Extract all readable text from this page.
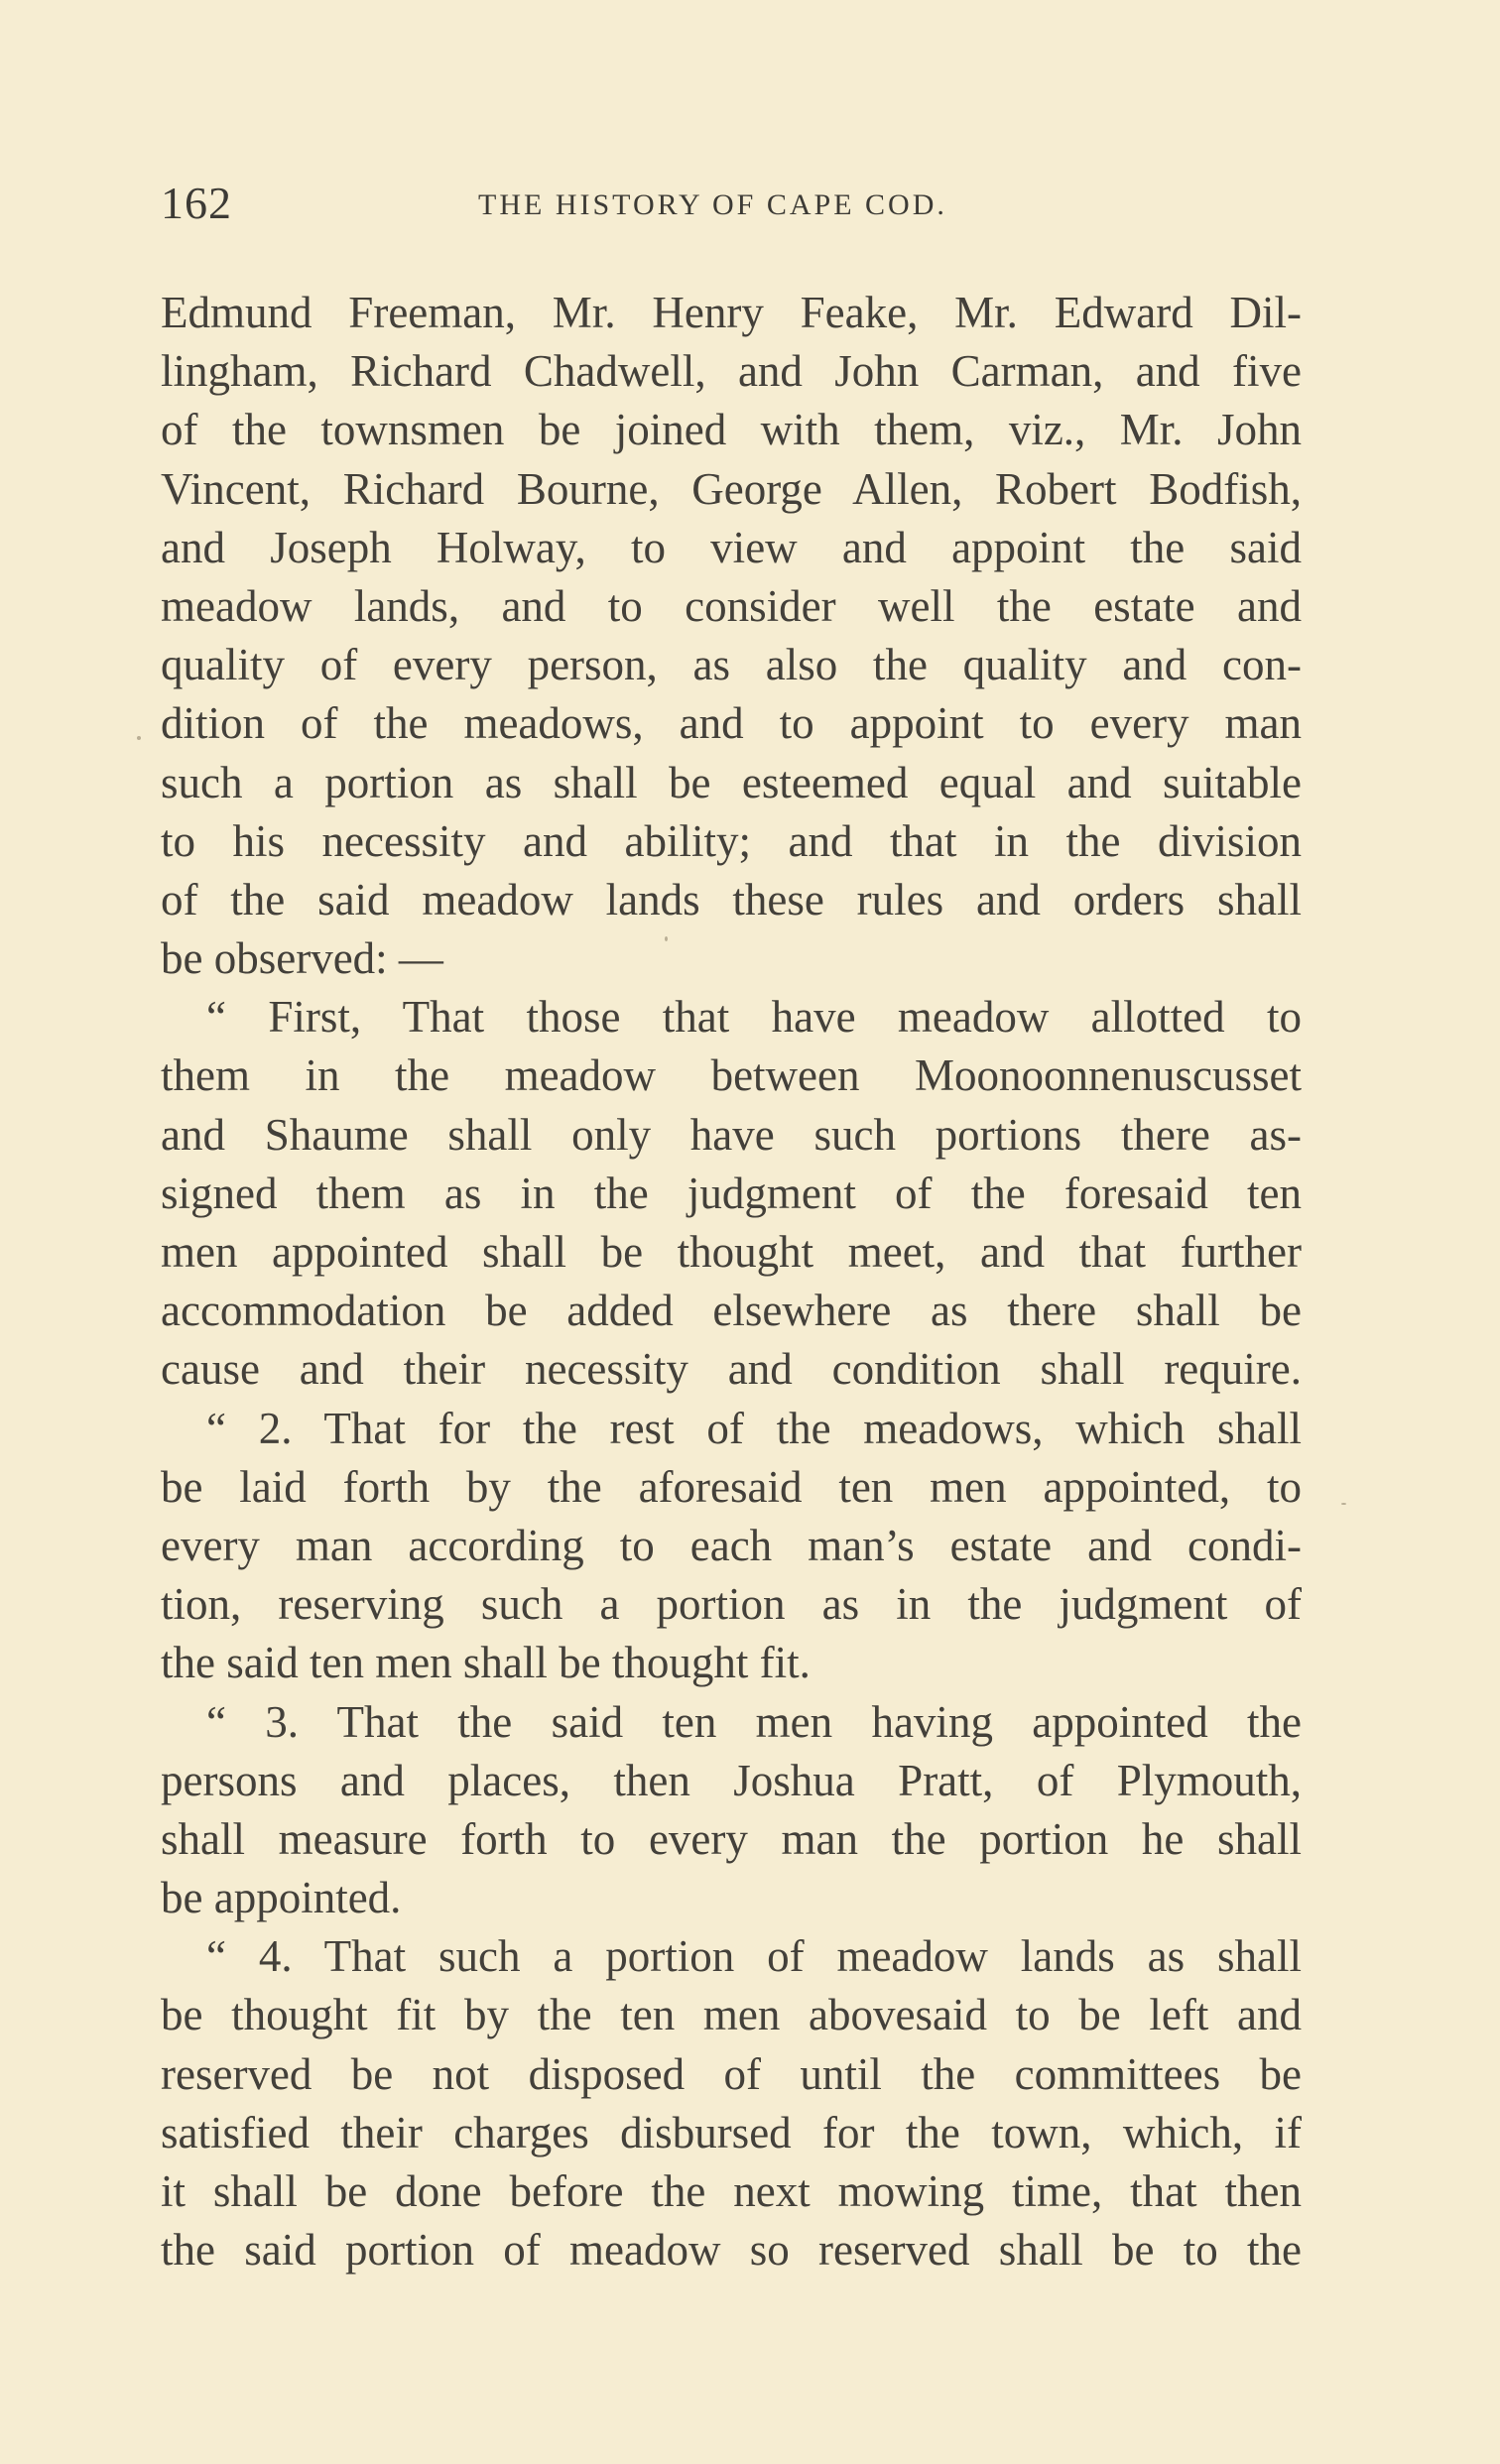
162	THE HISTORY OF CAPE COD.
Edmund Freeman, Mr. Henry Feake, Mr. Edward Dil-
lingham, Richard Chadwell, and John Carman, and five
of the townsmen be joined with them, viz., Mr. John
Vincent, Richard Bourne, George Allen, Robert Bodfish,
and Joseph Holway, to view and appoint the said
meadow lands, and to consider well the estate and
quality of every person, as also the quality and con-
dition of the meadows, and to appoint to every man
such a portion as shall be esteemed equal and suitable
to his necessity and ability; and that in the division
of the said meadow lands these rules and orders shall
be observed: —
“ First, That those that have meadow allotted to
them in the meadow between Moonoonnenuscusset
and Shaume shall only have such portions there as-
signed them as in the judgment of the foresaid ten
men appointed shall be thought meet, and that further
accommodation be added elsewhere as there shall be
cause and their necessity and condition shall require.
“ 2. That for the rest of the meadows, which shall
be laid forth by the aforesaid ten men appointed, to
every man according to each man’s estate and condi-
tion, reserving such a portion as in the judgment of
the said ten men shall be thought fit.
“ 3. That the said ten men having appointed the
persons and places, then Joshua Pratt, of Plymouth,
shall measure forth to every man the portion he shall
be appointed.
“ 4. That such a portion of meadow lands as shall
be thought fit by the ten men abovesaid to be left and
reserved be not disposed of until the committees be
satisfied their charges disbursed for the town, which, if
it shall be done before the next mowing time, that then
the said portion of meadow so reserved shall be to the
